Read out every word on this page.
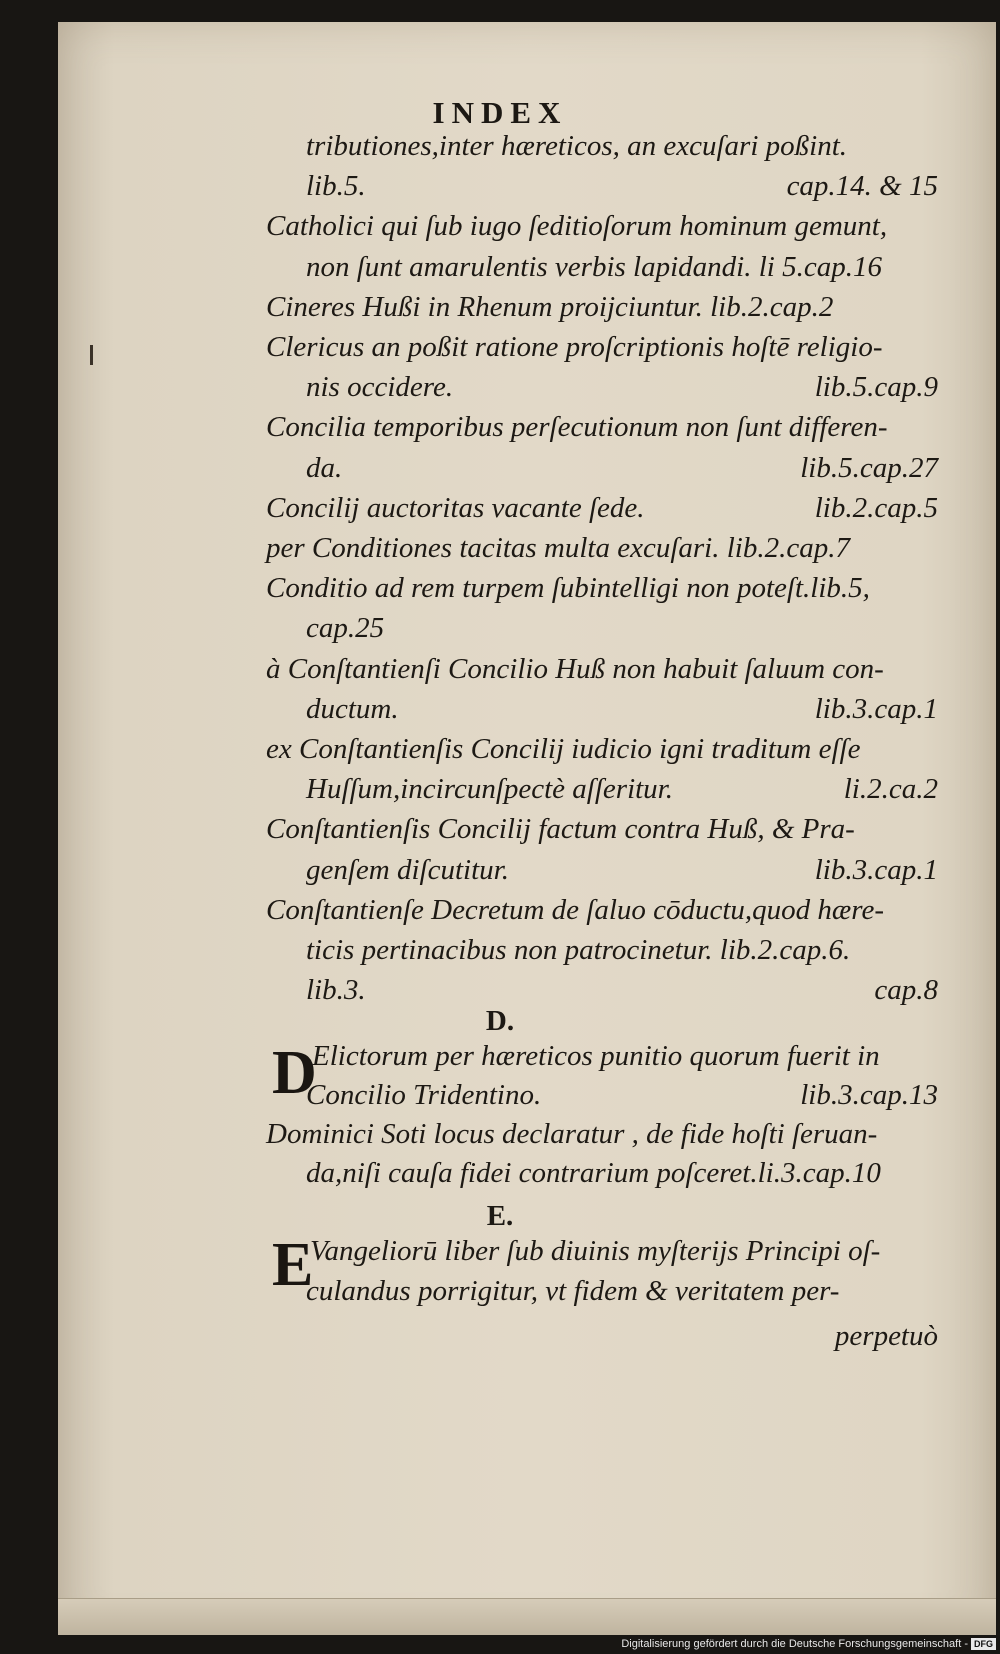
INDEX
tributiones,inter hæreticos, an excuſari poßint.
lib.5.	cap.14. & 15
Catholici qui ſub iugo ſeditioſorum hominum gemunt,
non ſunt amarulentis verbis lapidandi. li 5.cap.16
Cineres Hußi in Rhenum proijciuntur. lib.2.cap.2
Clericus an poßit ratione proſcriptionis hoſtē religio-
nis occidere.	lib.5.cap.9
Concilia temporibus perſecutionum non ſunt differen-
da.	lib.5.cap.27
Concilij auctoritas vacante ſede.	lib.2.cap.5
per Conditiones tacitas multa excuſari. lib.2.cap.7
Conditio ad rem turpem ſubintelligi non poteſt.lib.5,
cap.25
à Conſtantienſi Concilio Huß non habuit ſaluum con-
ductum.	lib.3.cap.1
ex Conſtantienſis Concilij iudicio igni traditum eſſe
Huſſum,incircunſpectè aſſeritur.	li.2.ca.2
Conſtantienſis Concilij factum contra Huß, & Pra-
genſem diſcutitur.	lib.3.cap.1
Conſtantienſe Decretum de ſaluo cōductu,quod hære-
ticis pertinacibus non patrocinetur. lib.2.cap.6.
lib.3.	cap.8
D.
D
Elictorum per hæreticos punitio quorum fuerit in
Concilio Tridentino.	lib.3.cap.13
Dominici Soti locus declaratur , de fide hoſti ſeruan-
da,niſi cauſa fidei contrarium poſceret.li.3.cap.10
E.
E
Vangeliorū liber ſub diuinis myſterijs Principi oſ-
culandus porrigitur, vt fidem & veritatem per-
perpetuò
Digitalisierung gefördert durch die Deutsche Forschungsgemeinschaft - DFG
